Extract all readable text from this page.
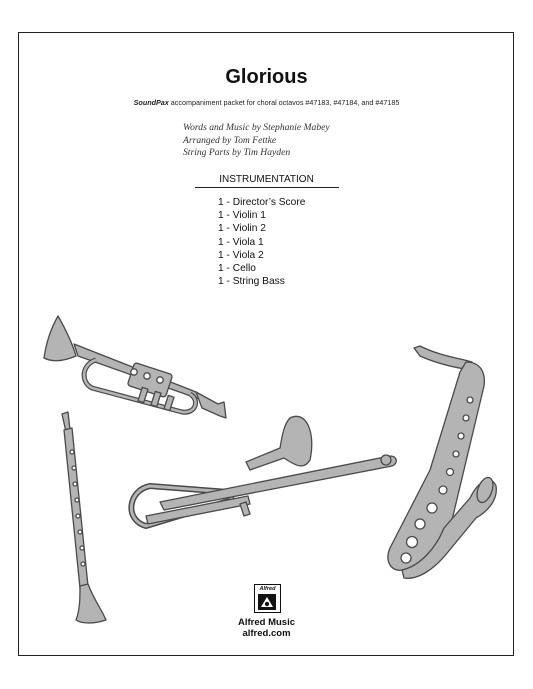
Glorious
SoundPax accompaniment packet for choral octavos #47183, #47184, and #47185
Words and Music by Stephanie Mabey
Arranged by Tom Fettke
String Parts by Tim Hayden
INSTRUMENTATION
1 - Director’s Score
1 - Violin 1
1 - Violin 2
1 - Viola 1
1 - Viola 2
1 - Cello
1 - String Bass
Alfred
Alfred Music
alfred.com
